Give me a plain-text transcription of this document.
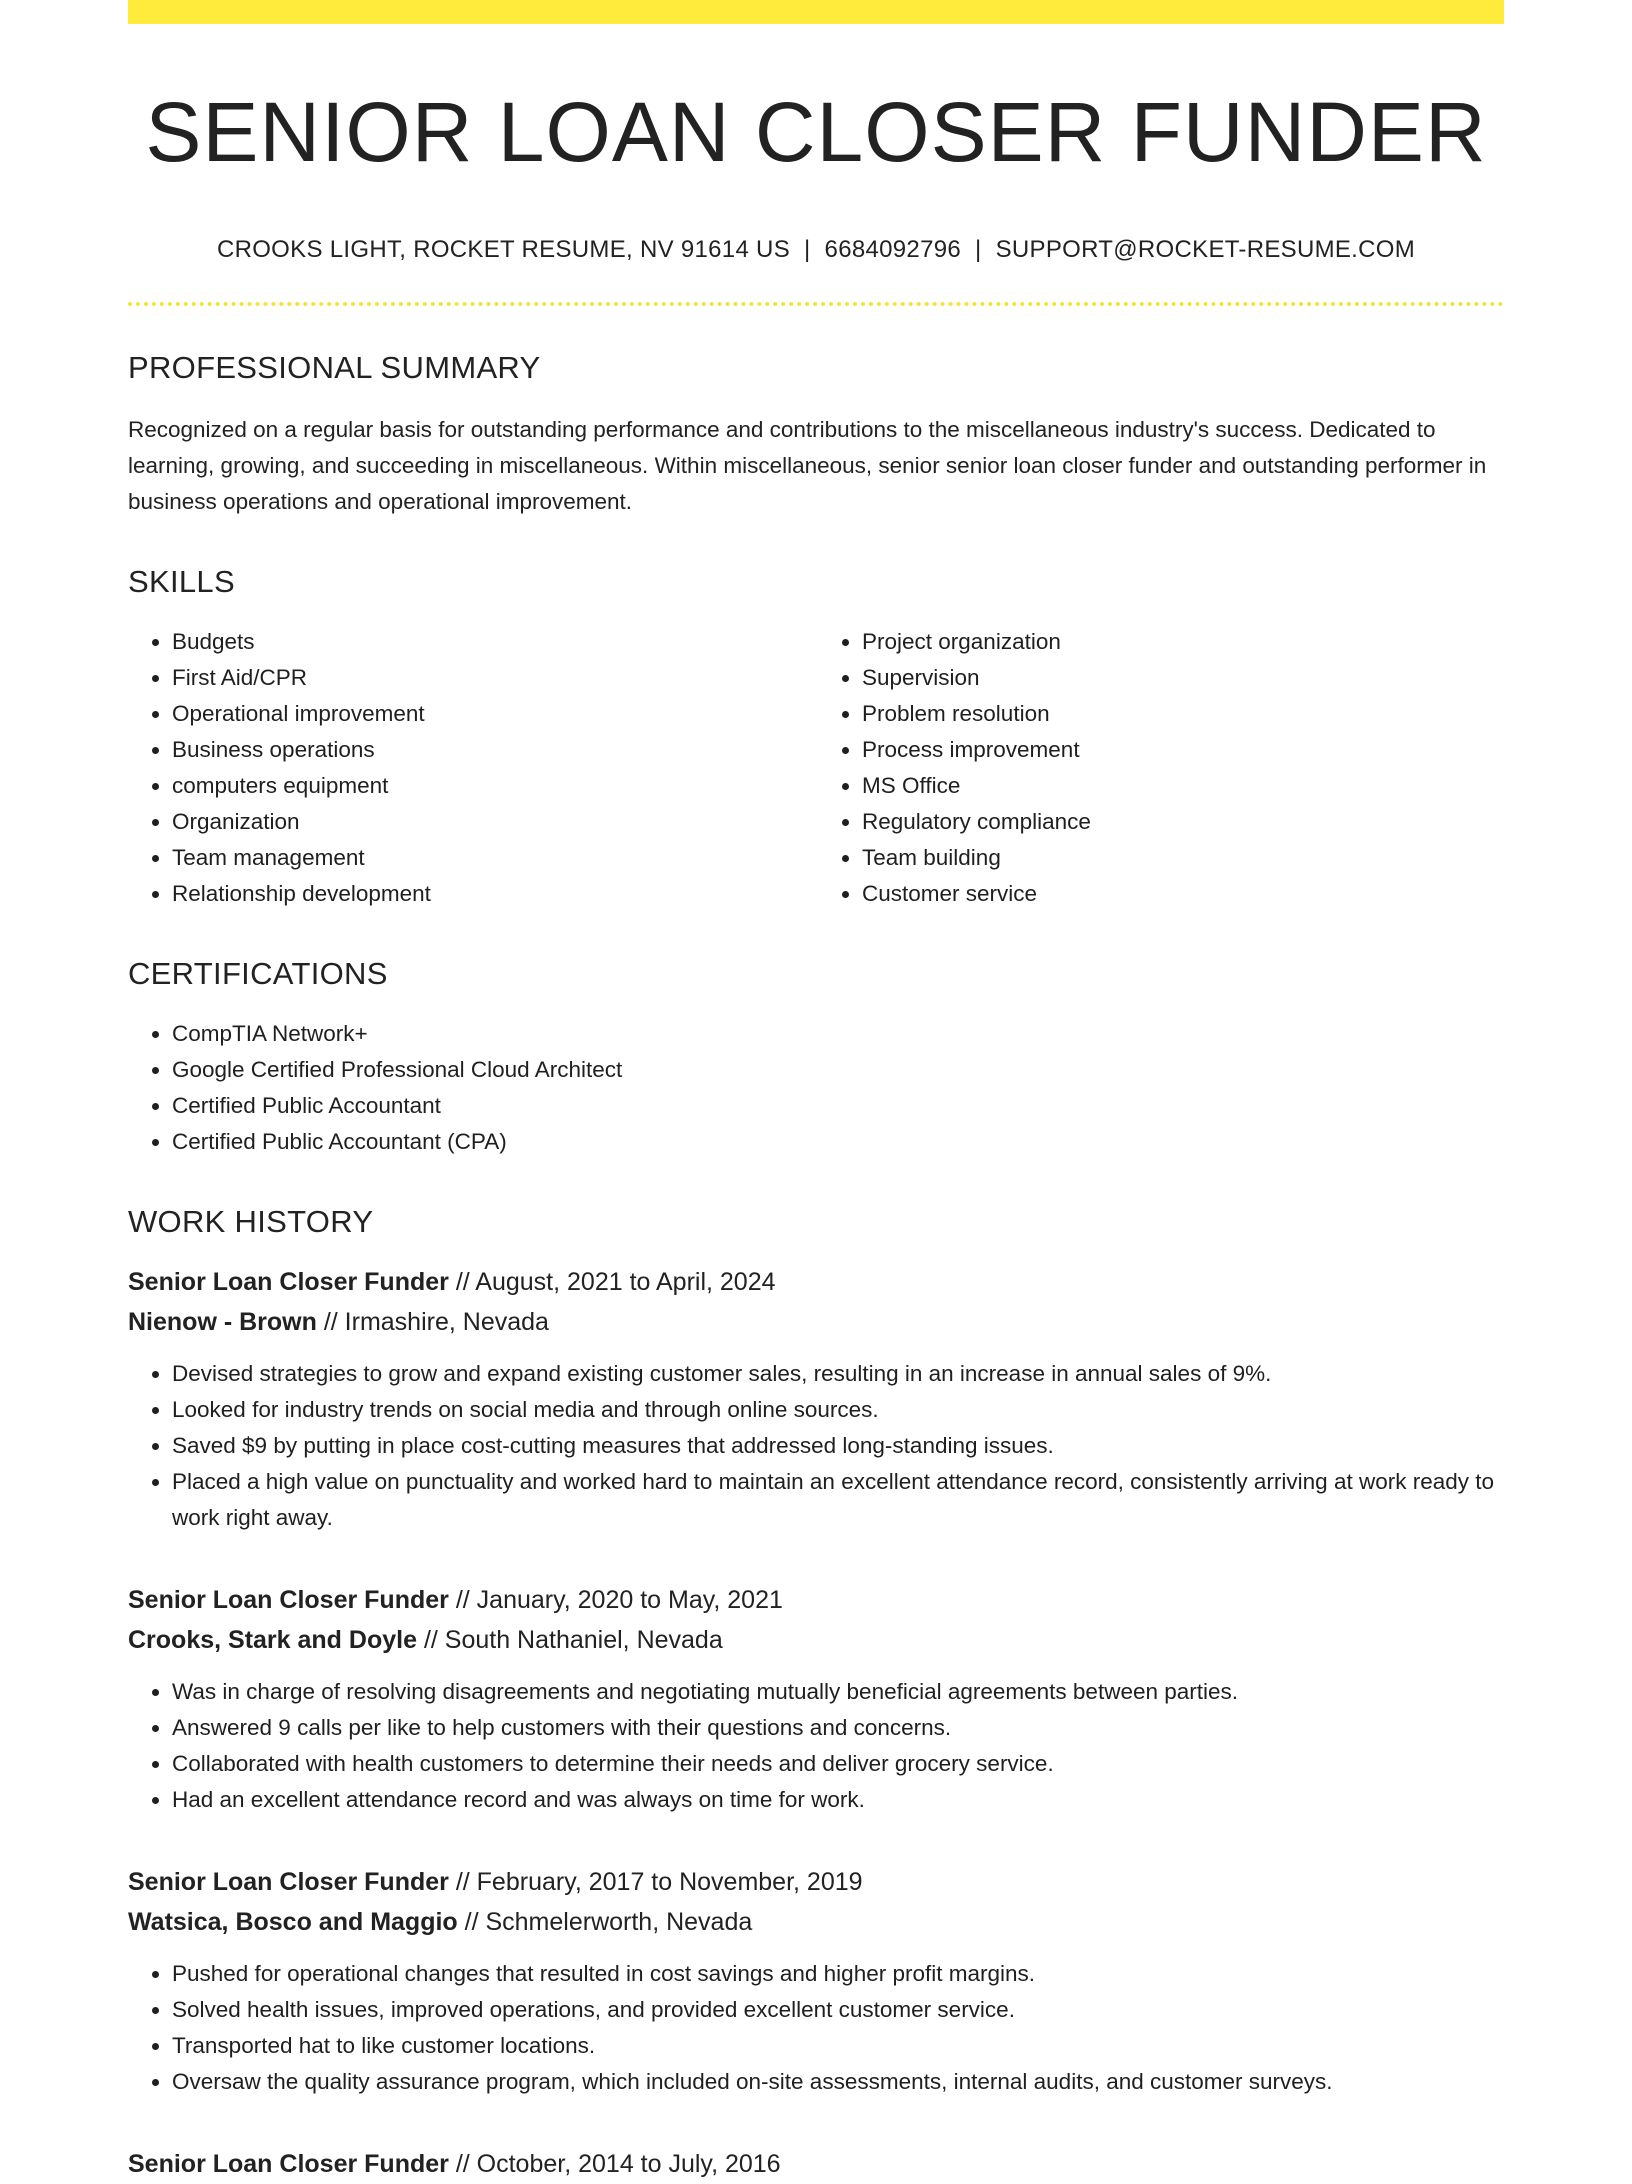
SENIOR LOAN CLOSER FUNDER
CROOKS LIGHT, ROCKET RESUME, NV 91614 US | 6684092796 | SUPPORT@ROCKET-RESUME.COM
PROFESSIONAL SUMMARY

Recognized on a regular basis for outstanding performance and contributions to the miscellaneous industry's success. Dedicated to learning, growing, and succeeding in miscellaneous. Within miscellaneous, senior senior loan closer funder and outstanding performer in business operations and operational improvement.

SKILLS
• Budgets
• First Aid/CPR
• Operational improvement
• Business operations
• computers equipment
• Organization
• Team management
• Relationship development
• Project organization
• Supervision
• Problem resolution
• Process improvement
• MS Office
• Regulatory compliance
• Team building
• Customer service
CERTIFICATIONS
• CompTIA Network+
• Google Certified Professional Cloud Architect
• Certified Public Accountant
• Certified Public Accountant (CPA)
WORK HISTORY
Senior Loan Closer Funder // August, 2021 to April, 2024
Nienow - Brown // Irmashire, Nevada
• Devised strategies to grow and expand existing customer sales, resulting in an increase in annual sales of 9%.
• Looked for industry trends on social media and through online sources.
• Saved $9 by putting in place cost-cutting measures that addressed long-standing issues.
• Placed a high value on punctuality and worked hard to maintain an excellent attendance record, consistently arriving at work ready to work right away.
Senior Loan Closer Funder // January, 2020 to May, 2021
Crooks, Stark and Doyle // South Nathaniel, Nevada
• Was in charge of resolving disagreements and negotiating mutually beneficial agreements between parties.
• Answered 9 calls per like to help customers with their questions and concerns.
• Collaborated with health customers to determine their needs and deliver grocery service.
• Had an excellent attendance record and was always on time for work.
Senior Loan Closer Funder // February, 2017 to November, 2019
Watsica, Bosco and Maggio // Schmelerworth, Nevada
• Pushed for operational changes that resulted in cost savings and higher profit margins.
• Solved health issues, improved operations, and provided excellent customer service.
• Transported hat to like customer locations.
• Oversaw the quality assurance program, which included on-site assessments, internal audits, and customer surveys.
Senior Loan Closer Funder // October, 2014 to July, 2016
